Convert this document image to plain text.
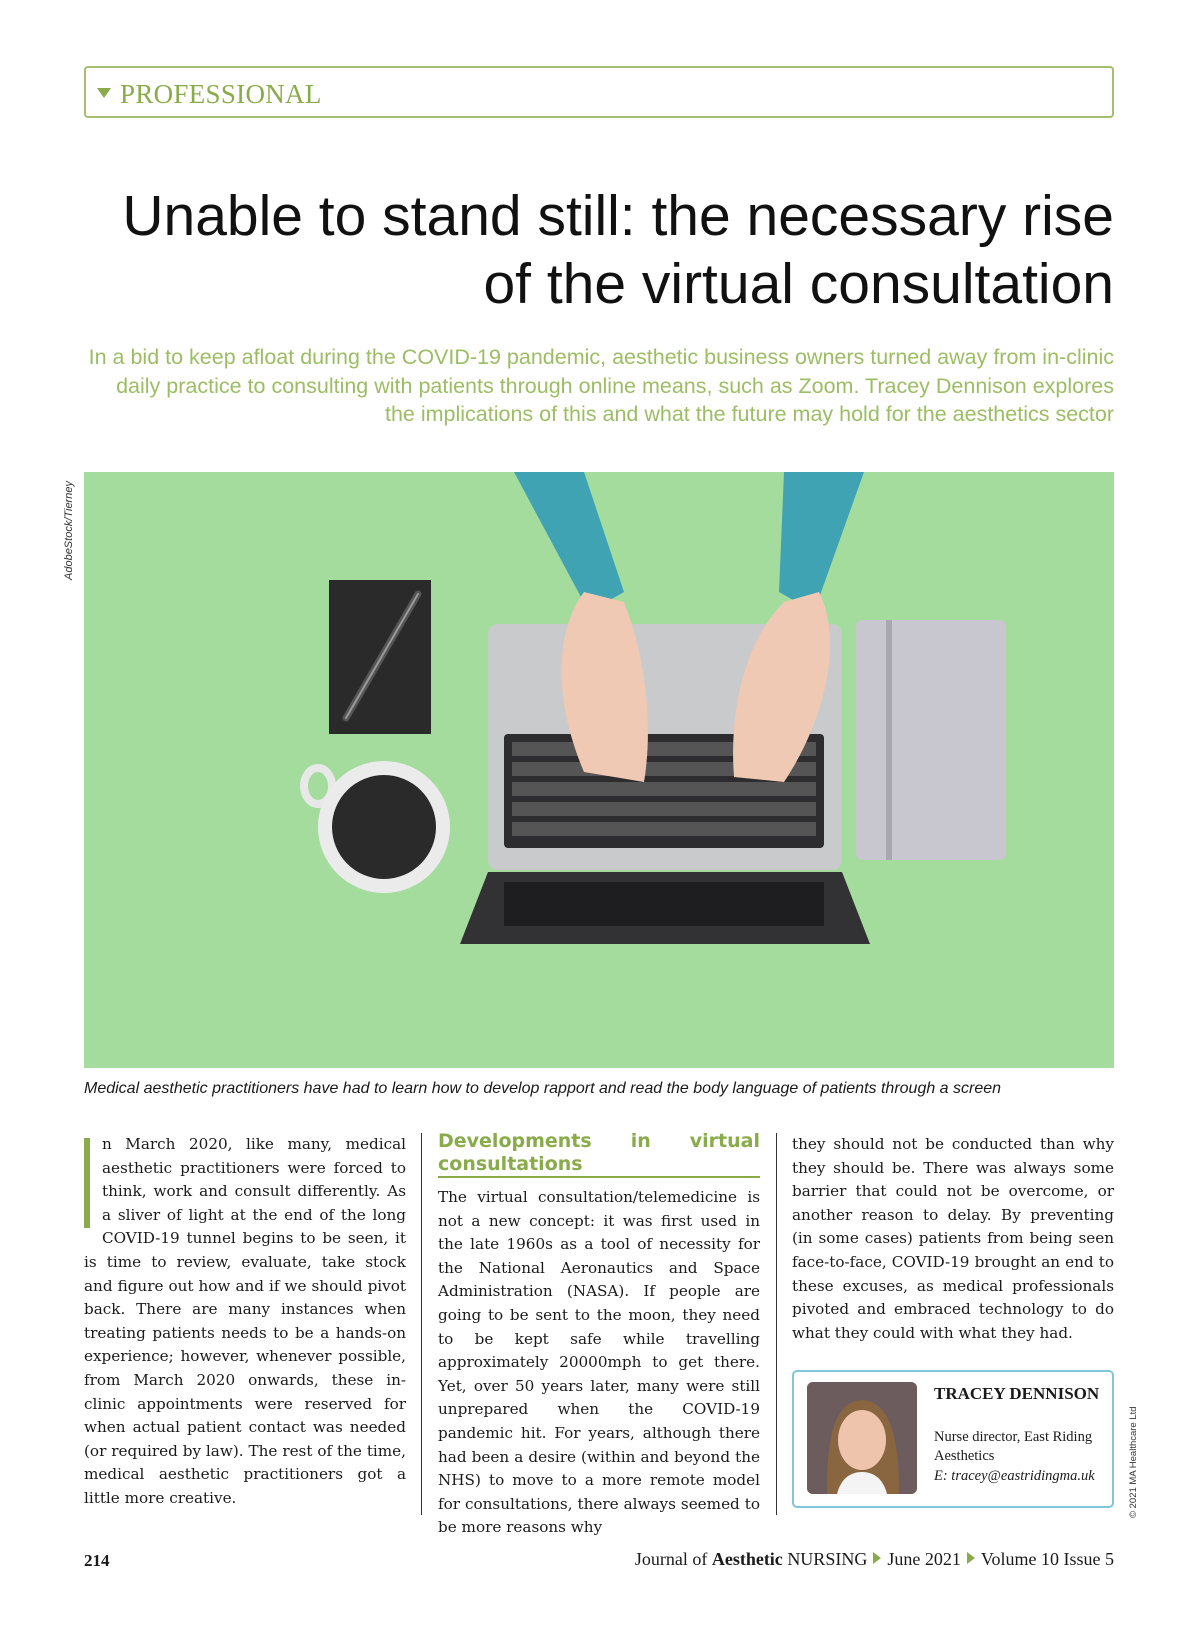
PROFESSIONAL
Unable to stand still: the necessary rise of the virtual consultation

In a bid to keep afloat during the COVID-19 pandemic, aesthetic business owners turned away from in-clinic daily practice to consulting with patients through online means, such as Zoom. Tracey Dennison explores the implications of this and what the future may hold for the aesthetics sector

AdobeStock/Tierney

Medical aesthetic practitioners have had to learn how to develop rapport and read the body language of patients through a screen

n March 2020, like many, medical aesthetic practitioners were forced to think, work and consult differently. As a sliver of light at the end of the long COVID-19 tunnel begins to be seen, it is time to review, evaluate, take stock and figure out how and if we should pivot back. There are many instances when treating patients needs to be a hands-on experience; however, whenever possible, from March 2020 onwards, these in-clinic appointments were reserved for when actual patient contact was needed (or required by law). The rest of the time, medical aesthetic practitioners got a little more creative.

Developments in virtual consultations

The virtual consultation/telemedicine is not a new concept: it was first used in the late 1960s as a tool of necessity for the National Aeronautics and Space Administration (NASA). If people are going to be sent to the moon, they need to be kept safe while travelling approximately 20000mph to get there. Yet, over 50 years later, many were still unprepared when the COVID-19 pandemic hit. For years, although there had been a desire (within and beyond the NHS) to move to a more remote model for consultations, there always seemed to be more reasons why

they should not be conducted than why they should be. There was always some barrier that could not be overcome, or another reason to delay. By preventing (in some cases) patients from being seen face-to-face, COVID-19 brought an end to these excuses, as medical professionals pivoted and embraced technology to do what they could with what they had.

TRACEY DENNISON
Nurse director, East Riding Aesthetics
E: tracey@eastridingma.uk	© 2021 MA Healthcare Ltd
214	Journal of Aesthetic NURSING June 2021 Volume 10 Issue 5
